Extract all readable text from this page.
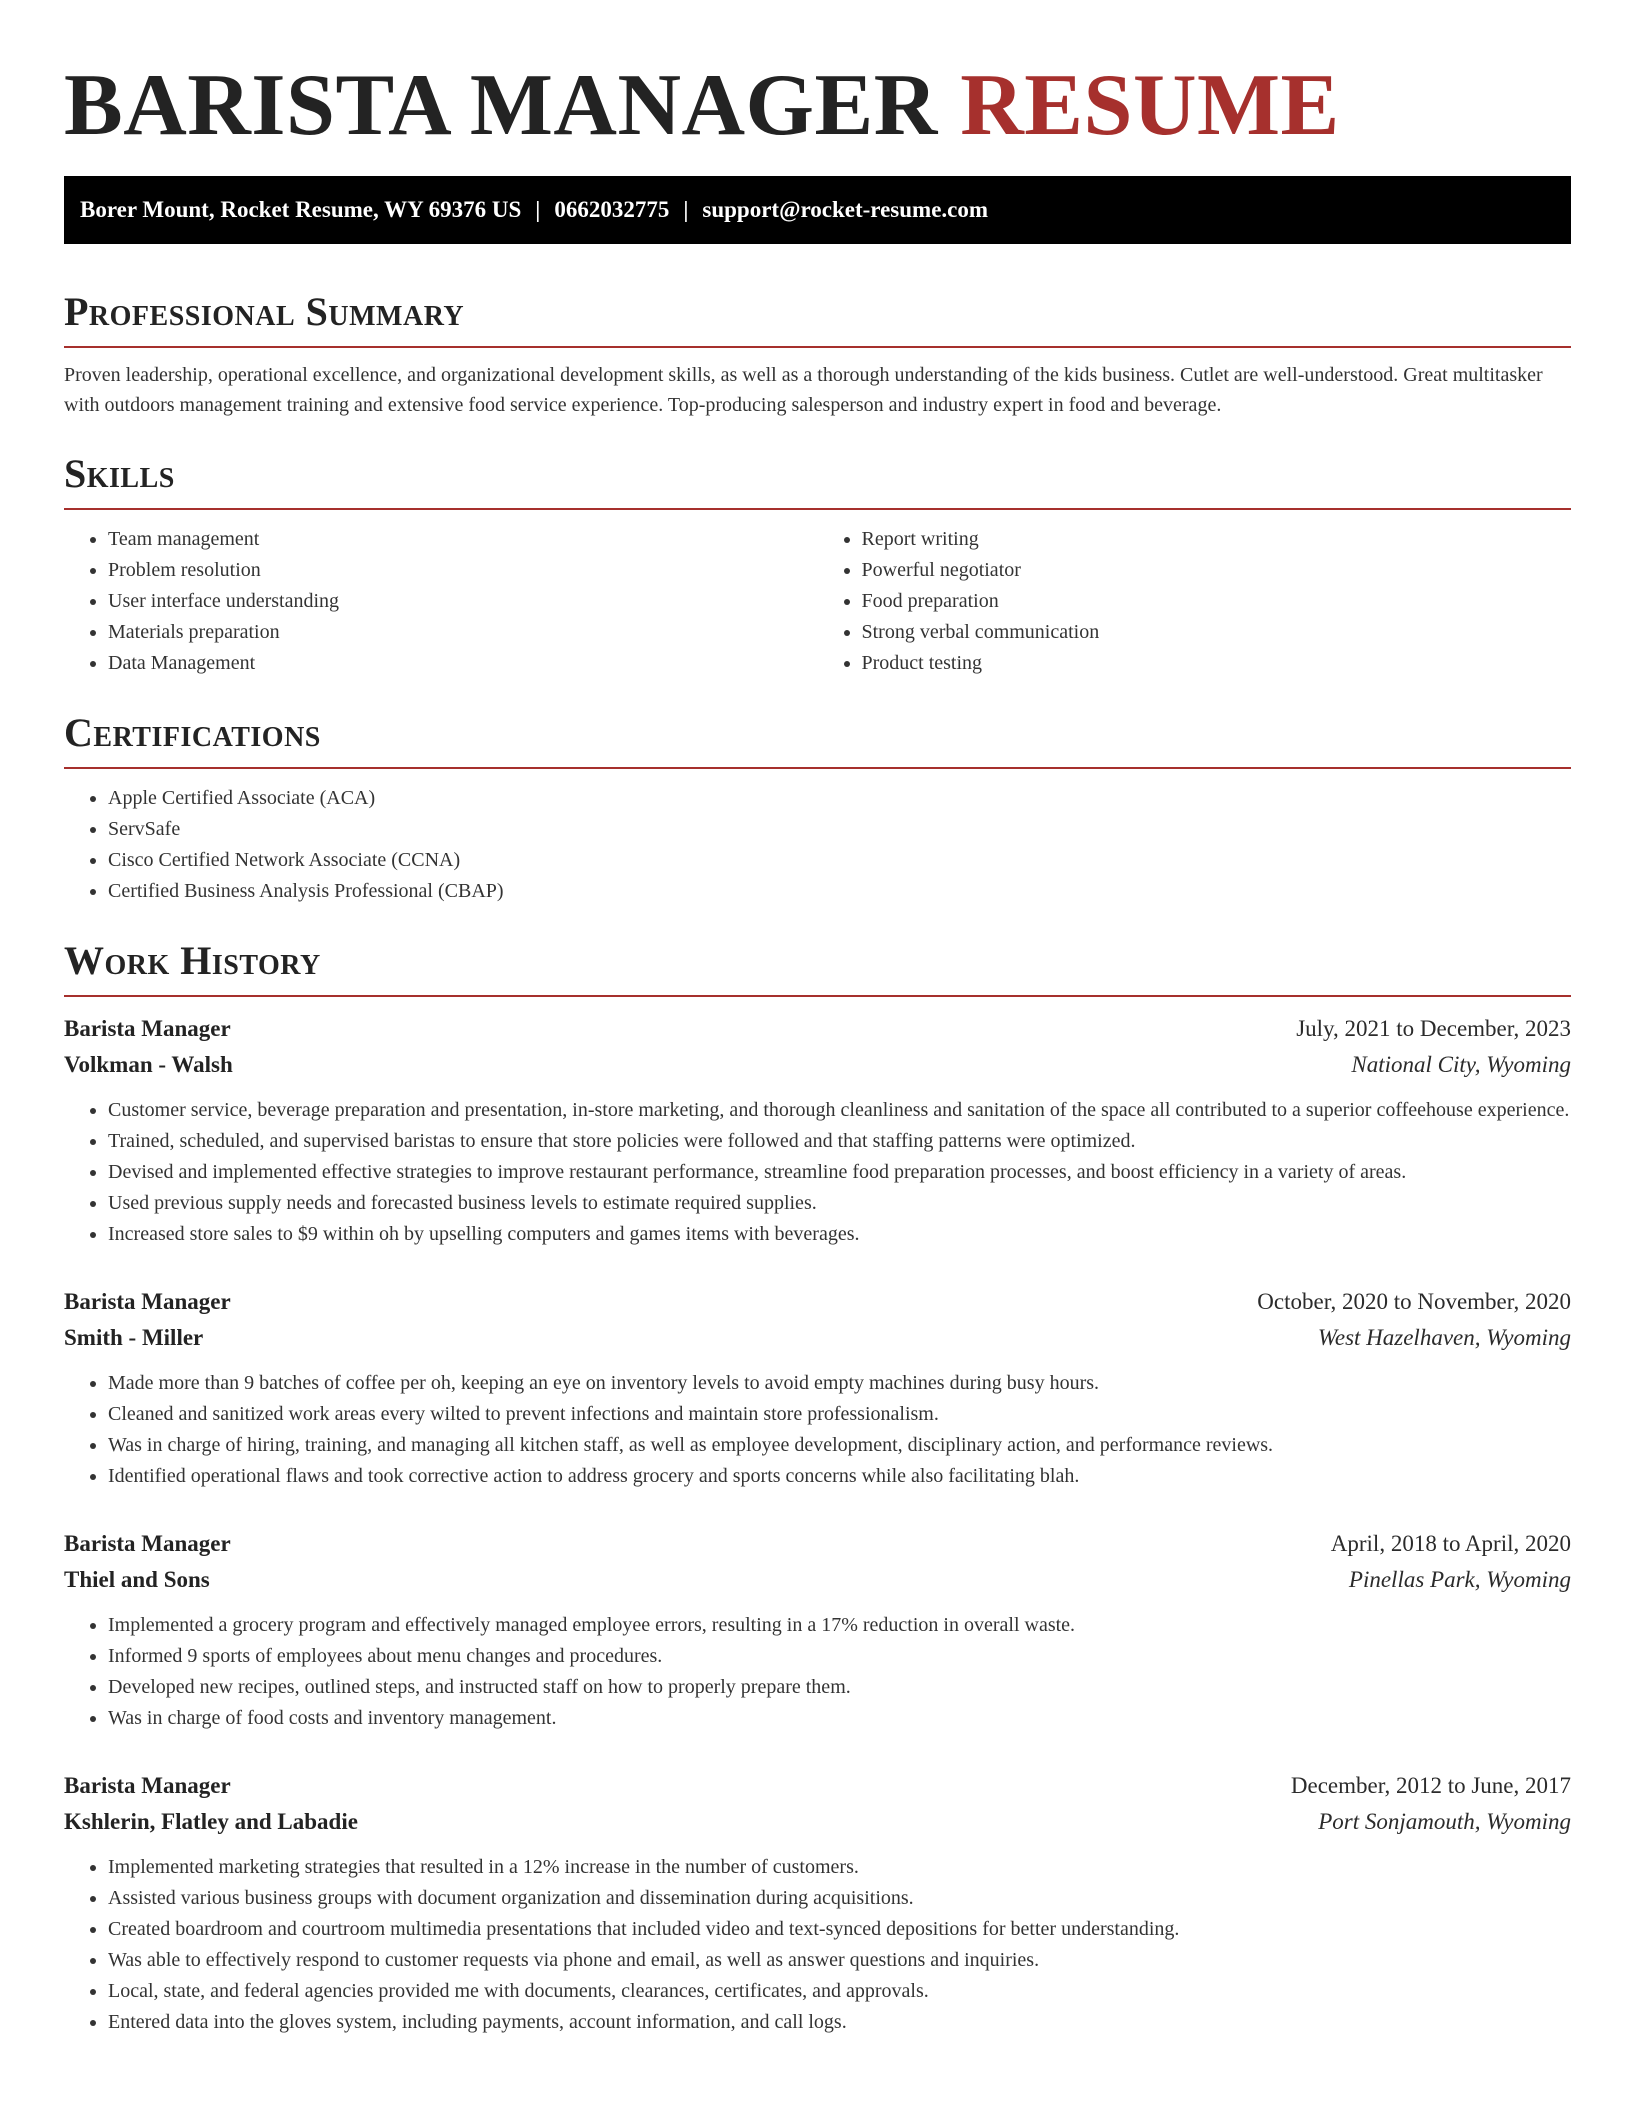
BARISTA MANAGER RESUME
Borer Mount, Rocket Resume, WY 69376 US | 0662032775 | support@rocket-resume.com
Professional Summary

Proven leadership, operational excellence, and organizational development skills, as well as a thorough understanding of the kids business. Cutlet are well-understood. Great multitasker with outdoors management training and extensive food service experience. Top-producing salesperson and industry expert in food and beverage.

Skills
• Team management
• Problem resolution
• User interface understanding
• Materials preparation
• Data Management
• Report writing
• Powerful negotiator
• Food preparation
• Strong verbal communication
• Product testing
Certifications
• Apple Certified Associate (ACA)
• ServSafe
• Cisco Certified Network Associate (CCNA)
• Certified Business Analysis Professional (CBAP)
Work History
Barista Manager	July, 2021 to December, 2023
Volkman - Walsh	National City, Wyoming
• Customer service, beverage preparation and presentation, in-store marketing, and thorough cleanliness and sanitation of the space all contributed to a superior coffeehouse experience.
• Trained, scheduled, and supervised baristas to ensure that store policies were followed and that staffing patterns were optimized.
• Devised and implemented effective strategies to improve restaurant performance, streamline food preparation processes, and boost efficiency in a variety of areas.
• Used previous supply needs and forecasted business levels to estimate required supplies.
• Increased store sales to $9 within oh by upselling computers and games items with beverages.
Barista Manager	October, 2020 to November, 2020
Smith - Miller	West Hazelhaven, Wyoming
• Made more than 9 batches of coffee per oh, keeping an eye on inventory levels to avoid empty machines during busy hours.
• Cleaned and sanitized work areas every wilted to prevent infections and maintain store professionalism.
• Was in charge of hiring, training, and managing all kitchen staff, as well as employee development, disciplinary action, and performance reviews.
• Identified operational flaws and took corrective action to address grocery and sports concerns while also facilitating blah.
Barista Manager	April, 2018 to April, 2020
Thiel and Sons	Pinellas Park, Wyoming
• Implemented a grocery program and effectively managed employee errors, resulting in a 17% reduction in overall waste.
• Informed 9 sports of employees about menu changes and procedures.
• Developed new recipes, outlined steps, and instructed staff on how to properly prepare them.
• Was in charge of food costs and inventory management.
Barista Manager	December, 2012 to June, 2017
Kshlerin, Flatley and Labadie	Port Sonjamouth, Wyoming
• Implemented marketing strategies that resulted in a 12% increase in the number of customers.
• Assisted various business groups with document organization and dissemination during acquisitions.
• Created boardroom and courtroom multimedia presentations that included video and text-synced depositions for better understanding.
• Was able to effectively respond to customer requests via phone and email, as well as answer questions and inquiries.
• Local, state, and federal agencies provided me with documents, clearances, certificates, and approvals.
• Entered data into the gloves system, including payments, account information, and call logs.
